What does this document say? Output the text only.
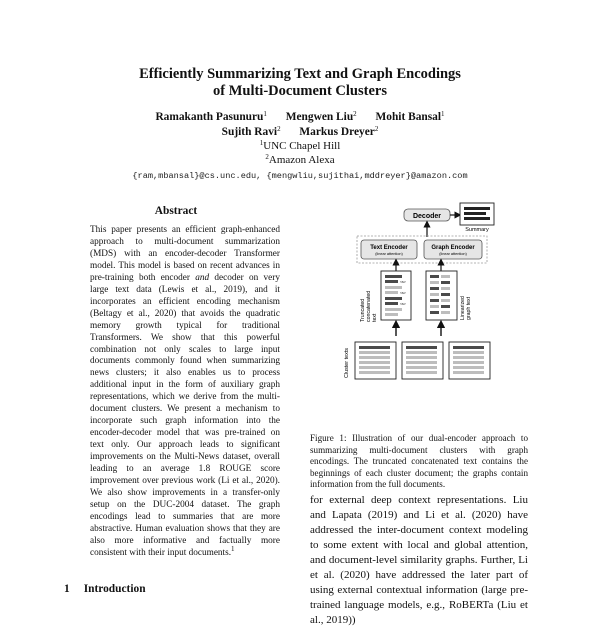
Efficiently Summarizing Text and Graph Encodings
of Multi-Document Clusters
Ramakanth Pasunuru$^1$ Mengwen Liu$^2$ Mohit Bansal$^1$
Sujith Ravi$^2$ Markus Dreyer$^2$
$^1$UNC Chapel Hill
$^2$Amazon Alexa
{ram,mbansal}@cs.unc.edu, {mengwliu,sujithai,mddreyer}@amazon.com
Abstract

This paper presents an efficient graph-enhanced approach to multi-document summarization (MDS) with an encoder-decoder Transformer model. This model is based on recent advances in pre-training both encoder and decoder on very large text data (Lewis et al., 2019), and it incorporates an efficient encoding mechanism (Beltagy et al., 2020) that avoids the quadratic memory growth typical for traditional Transformers. We show that this powerful combination not only scales to large input documents commonly found when summarizing news clusters; it also enables us to process additional input in the form of auxiliary graph representations, which we derive from the multi-document clusters. We present a mechanism to incorporate such graph information into the encoder-decoder model that was pre-trained on text only. Our approach leads to significant improvements on the Multi-News dataset, overall leading to an average 1.8 ROUGE score improvement over previous work (Li et al., 2020). We also show improvements in a transfer-only setup on the DUC-2004 dataset. The graph encodings lead to summaries that are more abstractive. Human evaluation shows that they are also more informative and factually more consistent with their input documents.$^1$

1 Introduction
Decoder
Summary
Text Encoder
(linear attention)
Graph Encoder
(linear attention)
<s>
<s>
<s>
Truncated concatenated text	Linearized graph text
Cluster texts

Figure 1: Illustration of our dual-encoder approach to summarizing multi-document clusters with graph encodings. The truncated concatenated text contains the beginnings of each cluster document; the graphs contain information from the full documents.

for external deep context representations. Liu and Lapata (2019) and Li et al. (2020) have addressed the inter-document context modeling to some extent with local and global attention, and document-level similarity graphs. Further, Li et al. (2020) have addressed the later part of using external contextual information (large pre-trained language models, e.g., RoBERTa (Liu et al., 2019))
